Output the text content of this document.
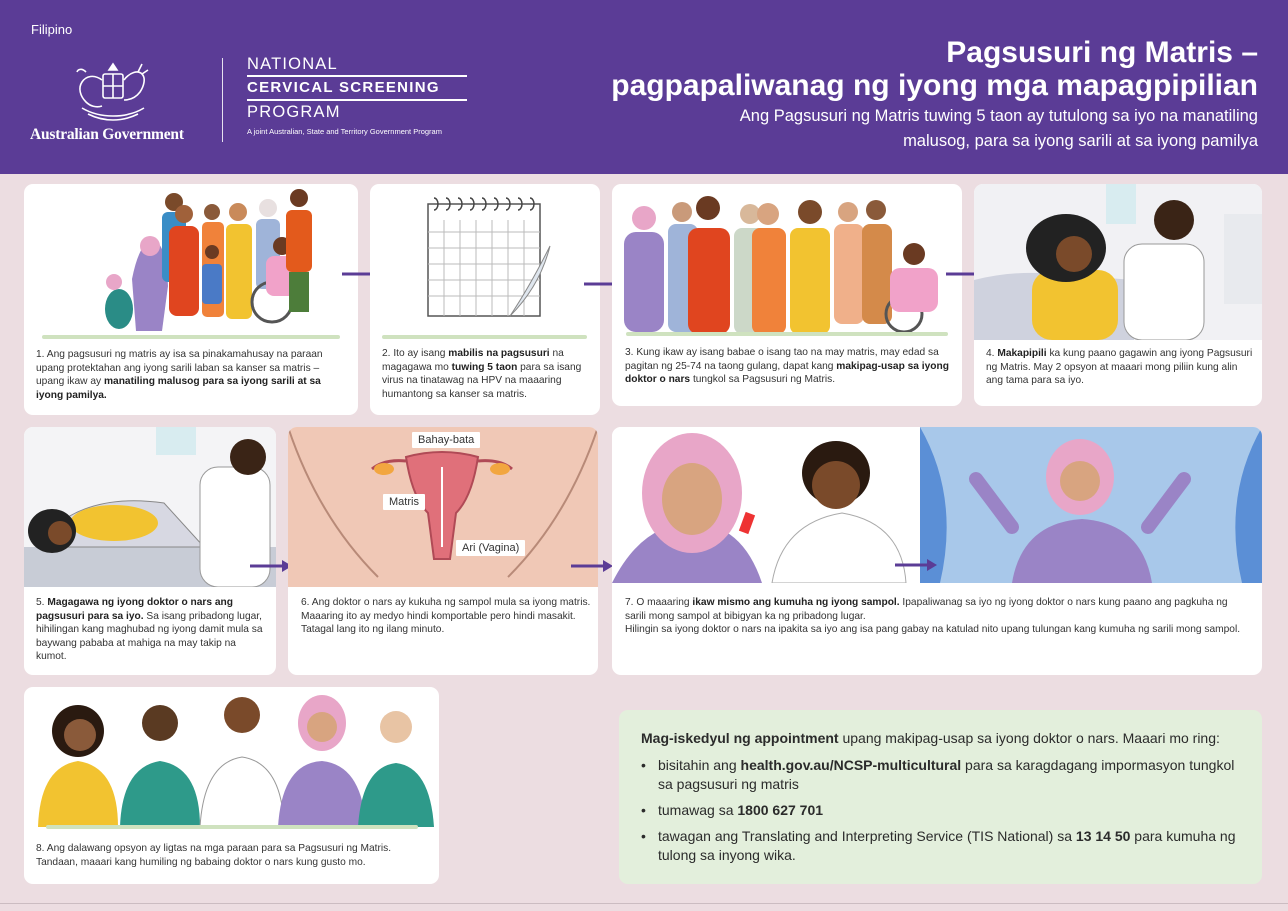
Filipino
Australian Government
NATIONAL
CERVICAL SCREENING
PROGRAM
A joint Australian, State and Territory Government Program
Pagsusuri ng Matris –
pagpapaliwanag ng iyong mga mapagpipilian
Ang Pagsusuri ng Matris tuwing 5 taon ay tutulong sa iyo na manatiling
malusog, para sa iyong sarili at sa iyong pamilya
1. Ang pagsusuri ng matris ay isa sa pinakamahusay na paraan upang protektahan ang iyong sarili laban sa kanser sa matris – upang ikaw ay manatiling malusog para sa iyong sarili at sa iyong pamilya.
2. Ito ay isang mabilis na pagsusuri na magagawa mo tuwing 5 taon para sa isang virus na tinatawag na HPV na maaaring humantong sa kanser sa matris.
3. Kung ikaw ay isang babae o isang tao na may matris, may edad sa pagitan ng 25-74 na taong gulang, dapat kang makipag-usap sa iyong doktor o nars tungkol sa Pagsusuri ng Matris.
4. Makapipili ka kung paano gagawin ang iyong Pagsusuri ng Matris. May 2 opsyon at maaari mong piliin kung alin ang tama para sa iyo.
5. Magagawa ng iyong doktor o nars ang pagsusuri para sa iyo. Sa isang pribadong lugar, hihilingan kang maghubad ng iyong damit mula sa baywang pababa at mahiga na may takip na kumot.
Bahay-bata
Matris
Ari (Vagina)
6. Ang doktor o nars ay kukuha ng sampol mula sa iyong matris. Maaaring ito ay medyo hindi komportable pero hindi masakit. Tatagal lang ito ng ilang minuto.
7. O maaaring ikaw mismo ang kumuha ng iyong sampol. Ipapaliwanag sa iyo ng iyong doktor o nars kung paano ang pagkuha ng sarili mong sampol at bibigyan ka ng pribadong lugar.
Hilingin sa iyong doktor o nars na ipakita sa iyo ang isa pang gabay na katulad nito upang tulungan kang kumuha ng sarili mong sampol.
8. Ang dalawang opsyon ay ligtas na mga paraan para sa Pagsusuri ng Matris. Tandaan, maaari kang humiling ng babaing doktor o nars kung gusto mo.
Mag-iskedyul ng appointment upang makipag-usap sa iyong doktor o nars. Maaari mo ring:
• bisitahin ang health.gov.au/NCSP-multicultural para sa karagdagang impormasyon tungkol sa pagsusuri ng matris
• tumawag sa 1800 627 701
• tawagan ang Translating and Interpreting Service (TIS National) sa 13 14 50 para kumuha ng tulong sa inyong wika.
